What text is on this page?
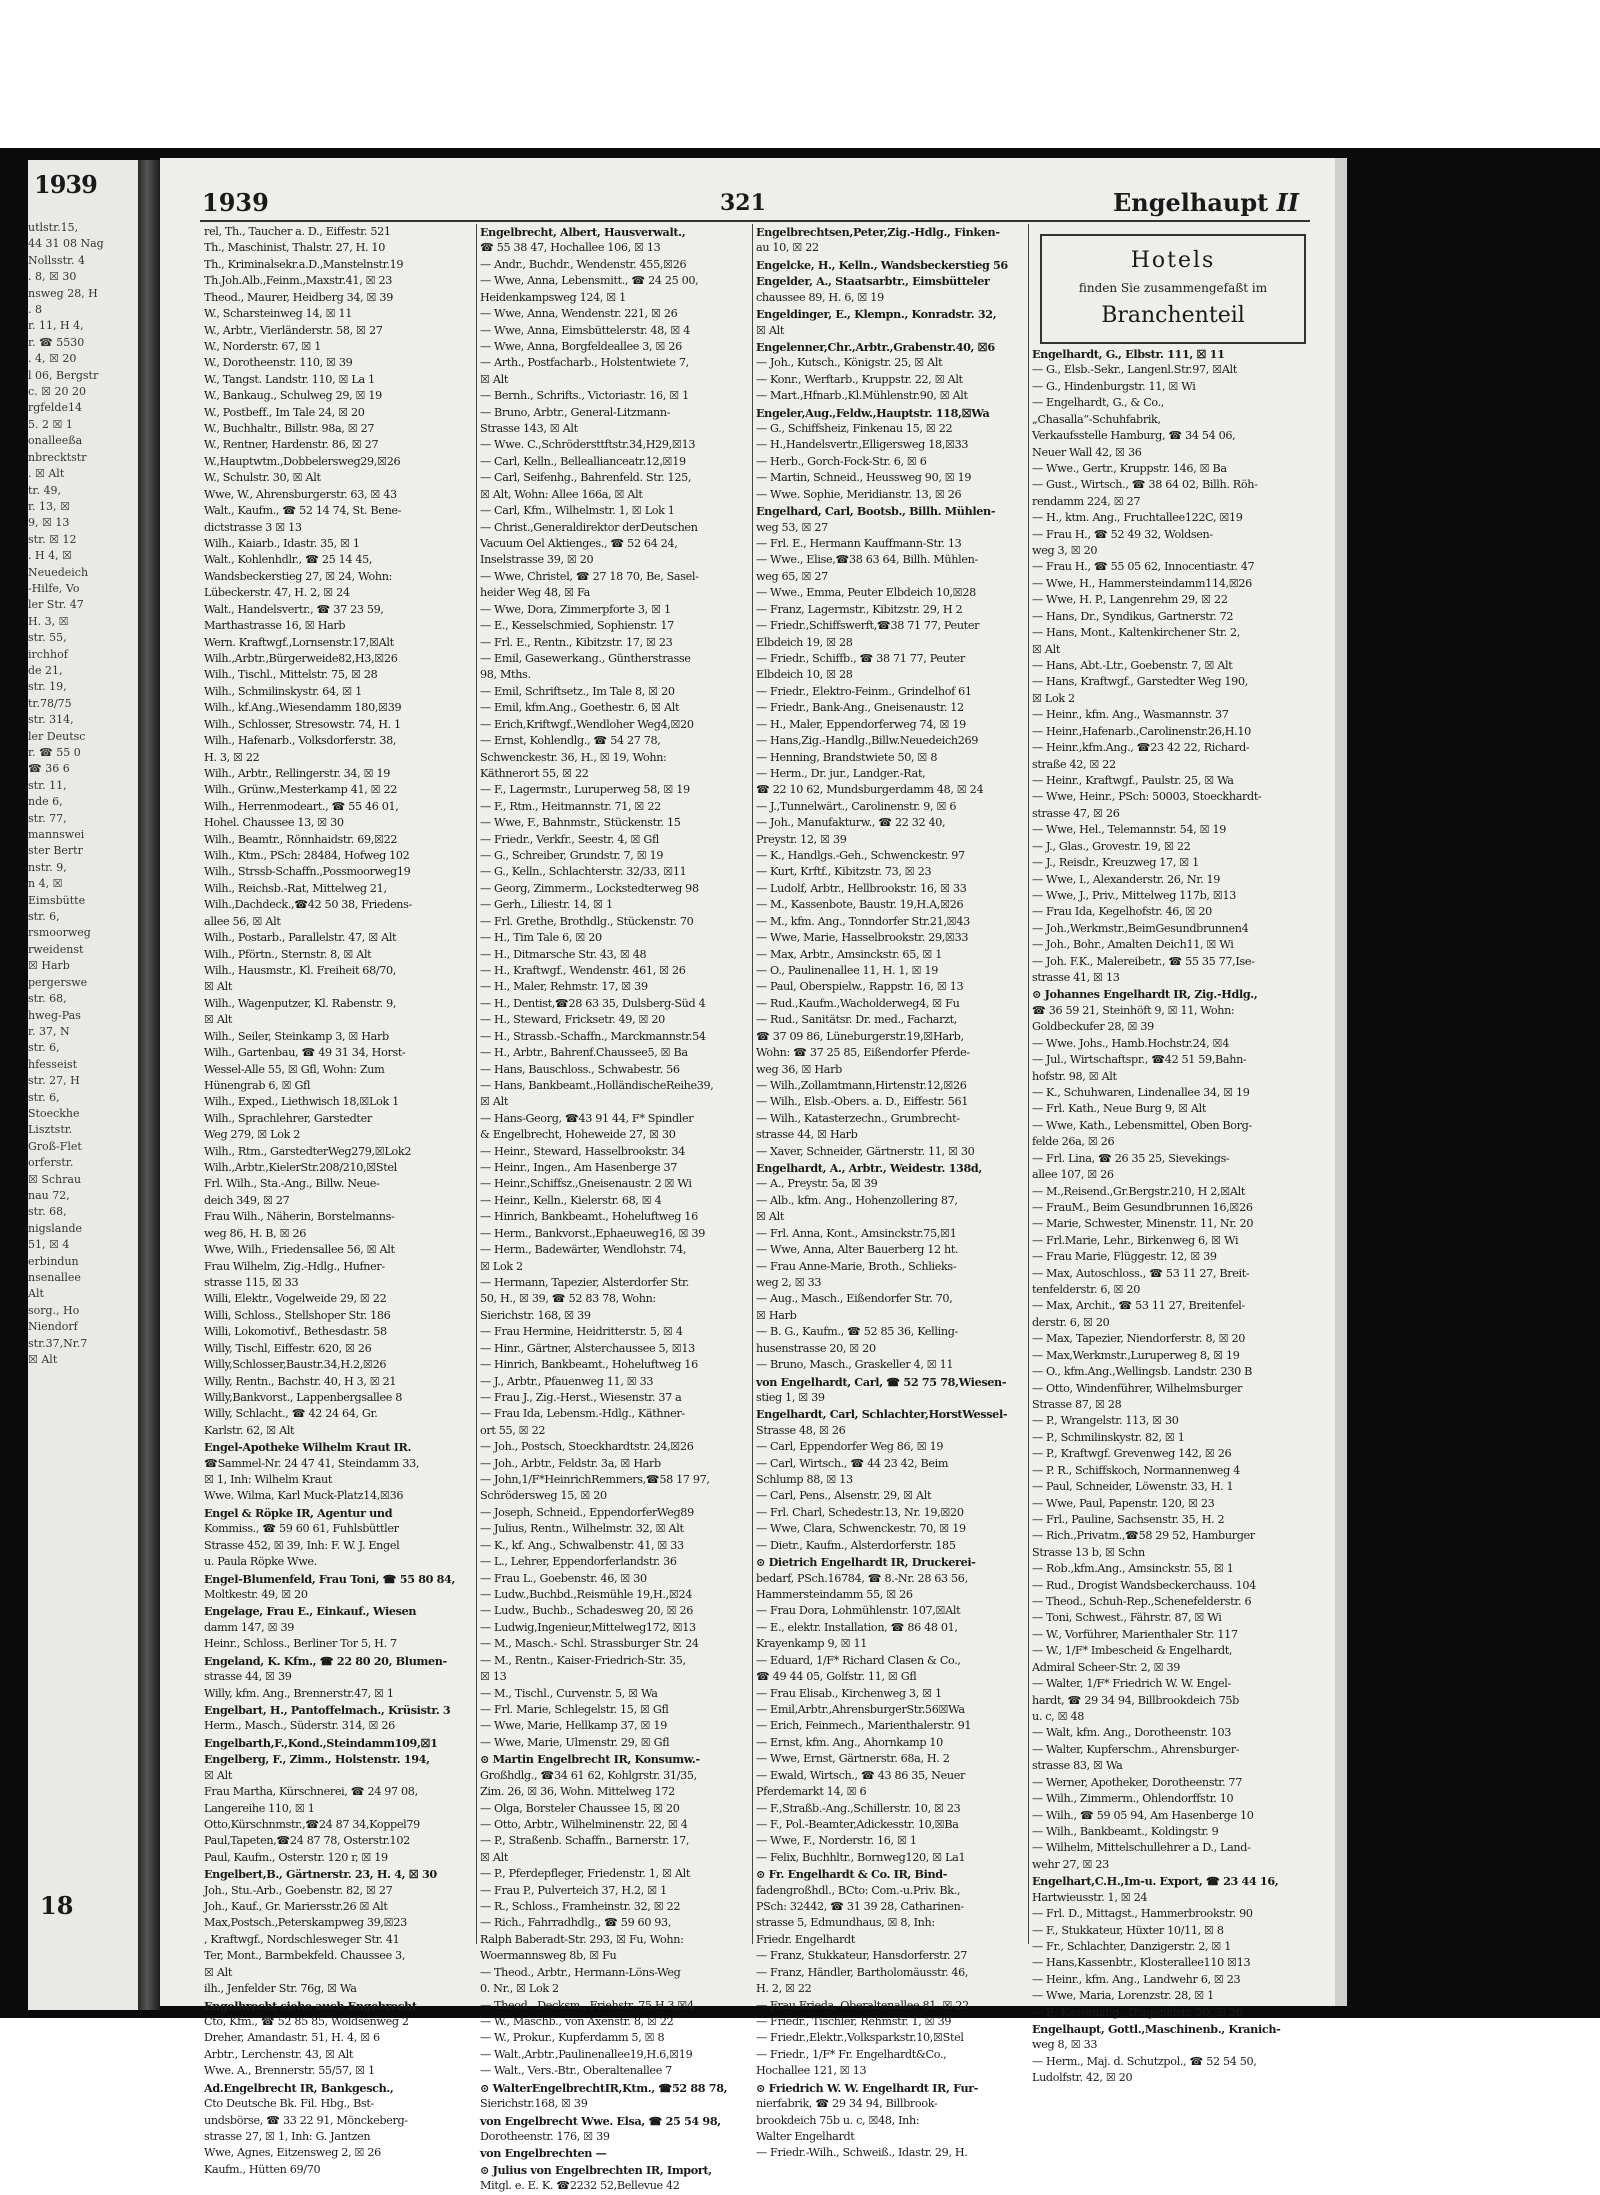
1939
utlstr.15,
44 31 08 Nag
Nollsstr. 4
. 8, ☒ 30
nsweg 28, H
. 8
r. 11, H 4,
r. ☎ 5530
. 4, ☒ 20
l 06, Bergstr
c. ☒ 20 20
rgfelde14
5. 2 ☒ 1
onalleeßa
nbrecktstr
. ☒ Alt
tr. 49,
r. 13, ☒
9, ☒ 13
str. ☒ 12
. H 4, ☒
Neuedeich
-Hilfe, Vo
ler Str. 47
H. 3, ☒
str. 55,
irchhof
de 21,
str. 19,
tr.78/75
str. 314,
ler Deutsc
r. ☎ 55 0
☎ 36 6
str. 11,
nde 6,
str. 77,
mannswei
ster Bertr
nstr. 9,
n 4, ☒
Eimsbütte
str. 6,
rsmoorweg
rweidenst
☒ Harb
pergerswe
str. 68,
hweg-Pas
r. 37, N
str. 6,
hfesseist
str. 27, H
str. 6,
Stoeckhe
Lisztstr.
Groß-Flet
orferstr.
☒ Schrau
nau 72,
str. 68,
nigslande
51, ☒ 4
erbindun
nsenallee
Alt
sorg., Ho
Niendorf
str.37,Nr.7
☒ Alt
18
1939	321	Engelhaupt II
rel, Th., Taucher a. D., Eiffestr. 521
Th., Maschinist, Thalstr. 27, H. 10
Th., Kriminalsekr.a.D.,Manstelnstr.19
Th.Joh.Alb.,Feinm.,Maxstr.41, ☒ 23
Theod., Maurer, Heidberg 34, ☒ 39
W., Scharsteinweg 14, ☒ 11
W., Arbtr., Vierländerstr. 58, ☒ 27
W., Norderstr. 67, ☒ 1
W., Dorotheenstr. 110, ☒ 39
W., Tangst. Landstr. 110, ☒ La 1
W., Bankaug., Schulweg 29, ☒ 19
W., Postbeff., Im Tale 24, ☒ 20
W., Buchhaltr., Billstr. 98a, ☒ 27
W., Rentner, Hardenstr. 86, ☒ 27
W.,Hauptwtm.,Dobbelersweg29,☒26
W., Schulstr. 30, ☒ Alt
Wwe, W., Ahrensburgerstr. 63, ☒ 43
Walt., Kaufm., ☎ 52 14 74, St. Bene-
dictstrasse 3 ☒ 13
Wilh., Kaiarb., Idastr. 35, ☒ 1
Walt., Kohlenhdlr., ☎ 25 14 45,
Wandsbeckerstieg 27, ☒ 24, Wohn:
Lübeckerstr. 47, H. 2, ☒ 24
Walt., Handelsvertr., ☎ 37 23 59,
Marthastrasse 16, ☒ Harb
Wern. Kraftwgf.,Lornsenstr.17,☒Alt
Wilh.,Arbtr.,Bürgerweide82,H3,☒26
Wilh., Tischl., Mittelstr. 75, ☒ 28
Wilh., Schmilinskystr. 64, ☒ 1
Wilh., kf.Ang.,Wiesendamm 180,☒39
Wilh., Schlosser, Stresowstr. 74, H. 1
Wilh., Hafenarb., Volksdorferstr. 38,
H. 3, ☒ 22
Wilh., Arbtr., Rellingerstr. 34, ☒ 19
Wilh., Grünw.,Mesterkamp 41, ☒ 22
Wilh., Herrenmodeart., ☎ 55 46 01,
Hohel. Chaussee 13, ☒ 30
Wilh., Beamtr., Rönnhaidstr. 69,☒22
Wilh., Ktm., PSch: 28484, Hofweg 102
Wilh., Strssb-Schaffn.,Possmoorweg19
Wilh., Reichsb.-Rat, Mittelweg 21,
Wilh.,Dachdeck.,☎42 50 38, Friedens-
allee 56, ☒ Alt
Wilh., Postarb., Parallelstr. 47, ☒ Alt
Wilh., Pförtn., Sternstr. 8, ☒ Alt
Wilh., Hausmstr., Kl. Freiheit 68/70,
☒ Alt
Wilh., Wagenputzer, Kl. Rabenstr. 9,
☒ Alt
Wilh., Seiler, Steinkamp 3, ☒ Harb
Wilh., Gartenbau, ☎ 49 31 34, Horst-
Wessel-Alle 55, ☒ Gfl, Wohn: Zum
Hünengrab 6, ☒ Gfl
Wilh., Exped., Liethwisch 18,☒Lok 1
Wilh., Sprachlehrer, Garstedter
Weg 279, ☒ Lok 2
Wilh., Rtm., GarstedterWeg279,☒Lok2
Wilh.,Arbtr.,KielerStr.208/210,☒Stel
Frl. Wilh., Sta.-Ang., Billw. Neue-
deich 349, ☒ 27
Frau Wilh., Näherin, Borstelmanns-
weg 86, H. B, ☒ 26
Wwe, Wilh., Friedensallee 56, ☒ Alt
Frau Wilhelm, Zig.-Hdlg., Hufner-
strasse 115, ☒ 33
Willi, Elektr., Vogelweide 29, ☒ 22
Willi, Schloss., Stellshoper Str. 186
Willi, Lokomotivf., Bethesdastr. 58
Willy, Tischl, Eiffestr. 620, ☒ 26
Willy,Schlosser,Baustr.34,H.2,☒26
Willy, Rentn., Bachstr. 40, H 3, ☒ 21
Willy,Bankvorst., Lappenbergsallee 8
Willy, Schlacht., ☎ 42 24 64, Gr.
Karlstr. 62, ☒ Alt
Engel-Apotheke Wilhelm Kraut IR.
☎Sammel-Nr. 24 47 41, Steindamm 33,
☒ 1, Inh: Wilhelm Kraut
Wwe. Wilma, Karl Muck-Platz14,☒36
Engel & Röpke IR, Agentur und
Kommiss., ☎ 59 60 61, Fuhlsbüttler
Strasse 452, ☒ 39, Inh: F. W. J. Engel
u. Paula Röpke Wwe.
Engel-Blumenfeld, Frau Toni, ☎ 55 80 84,
Moltkestr. 49, ☒ 20
Engelage, Frau E., Einkauf., Wiesen
damm 147, ☒ 39
Heinr., Schloss., Berliner Tor 5, H. 7
Engeland, K. Kfm., ☎ 22 80 20, Blumen-
strasse 44, ☒ 39
Willy, kfm. Ang., Brennerstr.47, ☒ 1
Engelbart, H., Pantoffelmach., Krüsistr. 3
Herm., Masch., Süderstr. 314, ☒ 26
Engelbarth,F.,Kond.,Steindamm109,☒1
Engelberg, F., Zimm., Holstenstr. 194,
☒ Alt
Frau Martha, Kürschnerei, ☎ 24 97 08,
Langereihe 110, ☒ 1
Otto,Kürschnmstr.,☎24 87 34,Koppel79
Paul,Tapeten,☎24 87 78, Osterstr.102
Paul, Kaufm., Osterstr. 120 r, ☒ 19
Engelbert,B., Gärtnerstr. 23, H. 4, ☒ 30
Joh., Stu.-Arb., Goebenstr. 82, ☒ 27
Joh., Kauf., Gr. Mariersstr.26 ☒ Alt
Max,Postsch.,Peterskampweg 39,☒23
, Kraftwgf., Nordschlesweger Str. 41
Ter, Mont., Barmbekfeld. Chaussee 3,
☒ Alt
ilh., Jenfelder Str. 76g, ☒ Wa
Engelbrecht siehe auch Engebrecht
Cto, Kfm., ☎ 52 85 85, Woldsenweg 2
Dreher, Amandastr. 51, H. 4, ☒ 6
Arbtr., Lerchenstr. 43, ☒ Alt
Wwe. A., Brennerstr. 55/57, ☒ 1
Ad.Engelbrecht IR, Bankgesch.,
Cto Deutsche Bk. Fil. Hbg., Bst-
undsbörse, ☎ 33 22 91, Mönckeberg-
strasse 27, ☒ 1, Inh: G. Jantzen
Wwe, Agnes, Eitzensweg 2, ☒ 26
Kaufm., Hütten 69/70
Engelbrecht, Albert, Hausverwalt.,
☎ 55 38 47, Hochallee 106, ☒ 13
— Andr., Buchdr., Wendenstr. 455,☒26
— Wwe, Anna, Lebensmitt., ☎ 24 25 00,
Heidenkampsweg 124, ☒ 1
— Wwe, Anna, Wendenstr. 221, ☒ 26
— Wwe, Anna, Eimsbüttelerstr. 48, ☒ 4
— Wwe, Anna, Borgfeldeallee 3, ☒ 26
— Arth., Postfacharb., Holstentwiete 7,
☒ Alt
— Bernh., Schrifts., Victoriastr. 16, ☒ 1
— Bruno, Arbtr., General-Litzmann-
Strasse 143, ☒ Alt
— Wwe. C.,Schrödersttftstr.34,H29,☒13
— Carl, Kelln., Belleallianceatr.12,☒19
— Carl, Seifenhg., Bahrenfeld. Str. 125,
☒ Alt, Wohn: Allee 166a, ☒ Alt
— Carl, Kfm., Wilhelmstr. 1, ☒ Lok 1
— Christ.,Generaldirektor derDeutschen
Vacuum Oel Aktienges., ☎ 52 64 24,
Inselstrasse 39, ☒ 20
— Wwe, Christel, ☎ 27 18 70, Be, Sasel-
heider Weg 48, ☒ Fa
— Wwe, Dora, Zimmerpforte 3, ☒ 1
— E., Kesselschmied, Sophienstr. 17
— Frl. E., Rentn., Kibitzstr. 17, ☒ 23
— Emil, Gasewerkang., Güntherstrasse
98, Mths.
— Emil, Schriftsetz., Im Tale 8, ☒ 20
— Emil, kfm.Ang., Goethestr. 6, ☒ Alt
— Erich,Kriftwgf.,Wendloher Weg4,☒20
— Ernst, Kohlendlg., ☎ 54 27 78,
Schwenckestr. 36, H., ☒ 19, Wohn:
Käthnerort 55, ☒ 22
— F., Lagermstr., Luruperweg 58, ☒ 19
— F., Rtm., Heitmannstr. 71, ☒ 22
— Wwe, F., Bahnmstr., Stückenstr. 15
— Friedr., Verkfr., Seestr. 4, ☒ Gfl
— G., Schreiber, Grundstr. 7, ☒ 19
— G., Kelln., Schlachterstr. 32/33, ☒11
— Georg, Zimmerm., Lockstedterweg 98
— Gerh., Liliestr. 14, ☒ 1
— Frl. Grethe, Brothdlg., Stückenstr. 70
— H., Tim Tale 6, ☒ 20
— H., Ditmarsche Str. 43, ☒ 48
— H., Kraftwgf., Wendenstr. 461, ☒ 26
— H., Maler, Rehmstr. 17, ☒ 39
— H., Dentist,☎28 63 35, Dulsberg-Süd 4
— H., Steward, Fricksetr. 49, ☒ 20
— H., Strassb.-Schaffn., Marckmannstr.54
— H., Arbtr., Bahrenf.Chaussee5, ☒ Ba
— Hans, Bauschloss., Schwabestr. 56
— Hans, Bankbeamt.,HolländischeReihe39,
☒ Alt
— Hans-Georg, ☎43 91 44, F* Spindler
& Engelbrecht, Hoheweide 27, ☒ 30
— Heinr., Steward, Hasselbrookstr. 34
— Heinr., Ingen., Am Hasenberge 37
— Heinr.,Schiffsz.,Gneisenaustr. 2 ☒ Wi
— Heinr., Kelln., Kielerstr. 68, ☒ 4
— Hinrich, Bankbeamt., Hoheluftweg 16
— Herm., Bankvorst.,Ephaeuweg16, ☒ 39
— Herm., Badewärter, Wendlohstr. 74,
☒ Lok 2
— Hermann, Tapezier, Alsterdorfer Str.
50, H., ☒ 39, ☎ 52 83 78, Wohn:
Sierichstr. 168, ☒ 39
— Frau Hermine, Heidritterstr. 5, ☒ 4
— Hinr., Gärtner, Alsterchaussee 5, ☒13
— Hinrich, Bankbeamt., Hoheluftweg 16
— J., Arbtr., Pfauenweg 11, ☒ 33
— Frau J., Zig.-Herst., Wiesenstr. 37 a
— Frau Ida, Lebensm.-Hdlg., Käthner-
ort 55, ☒ 22
— Joh., Postsch, Stoeckhardtstr. 24,☒26
— Joh., Arbtr., Feldstr. 3a, ☒ Harb
— John,1/F*HeinrichRemmers,☎58 17 97,
Schrödersweg 15, ☒ 20
— Joseph, Schneid., EppendorferWeg89
— Julius, Rentn., Wilhelmstr. 32, ☒ Alt
— K., kf. Ang., Schwalbenstr. 41, ☒ 33
— L., Lehrer, Eppendorferlandstr. 36
— Frau L., Goebenstr. 46, ☒ 30
— Ludw.,Buchbd.,Reismühle 19,H.,☒24
— Ludw., Buchb., Schadesweg 20, ☒ 26
— Ludwig,Ingenieur,Mittelweg172, ☒13
— M., Masch.- Schl. Strassburger Str. 24
— M., Rentn., Kaiser-Friedrich-Str. 35,
☒ 13
— M., Tischl., Curvenstr. 5, ☒ Wa
— Frl. Marie, Schlegelstr. 15, ☒ Gfl
— Wwe, Marie, Hellkamp 37, ☒ 19
— Wwe, Marie, Ulmenstr. 29, ☒ Gfl
⊙ Martin Engelbrecht IR, Konsumw.-
Großhdlg., ☎34 61 62, Kohlgrstr. 31/35,
Zim. 26, ☒ 36, Wohn. Mittelweg 172
— Olga, Borsteler Chaussee 15, ☒ 20
— Otto, Arbtr., Wilhelminenstr. 22, ☒ 4
— P., Straßenb. Schaffn., Barnerstr. 17,
☒ Alt
— P., Pferdepfleger, Friedenstr. 1, ☒ Alt
— Frau P., Pulverteich 37, H.2, ☒ 1
— R., Schloss., Framheinstr. 32, ☒ 22
— Rich., Fahrradhdlg., ☎ 59 60 93,
Ralph Baberadt-Str. 293, ☒ Fu, Wohn:
Woermannsweg 8b, ☒ Fu
— Theod., Arbtr., Hermann-Löns-Weg
0. Nr., ☒ Lok 2
— Theod., Decksm., Friehstr. 75,H.3,☒4
— W., Maschb., von Axenstr. 8, ☒ 22
— W., Prokur., Kupferdamm 5, ☒ 8
— Walt.,Arbtr.,Paulinenallee19,H.6,☒19
— Walt., Vers.-Btr., Oberaltenallee 7
⊙ WalterEngelbrechtIR,Ktm., ☎52 88 78,
Sierichstr.168, ☒ 39
von Engelbrecht Wwe. Elsa, ☎ 25 54 98,
Dorotheenstr. 176, ☒ 39
von Engelbrechten —
⊙ Julius von Engelbrechten IR, Import,
Mitgl. e. E. K. ☎2232 52,Bellevue 42
Engelbrechtsen,Peter,Zig.-Hdlg., Finken-
au 10, ☒ 22
Engelcke, H., Kelln., Wandsbeckerstieg 56
Engelder, A., Staatsarbtr., Eimsbütteler
chaussee 89, H. 6, ☒ 19
Engeldinger, E., Klempn., Konradstr. 32,
☒ Alt
Engelenner,Chr.,Arbtr.,Grabenstr.40, ☒6
— Joh., Kutsch., Königstr. 25, ☒ Alt
— Konr., Werftarb., Kruppstr. 22, ☒ Alt
— Mart.,Hfnarb.,Kl.Mühlenstr.90, ☒ Alt
Engeler,Aug.,Feldw.,Hauptstr. 118,☒Wa
— G., Schiffsheiz, Finkenau 15, ☒ 22
— H.,Handelsvertr.,Elligersweg 18,☒33
— Herb., Gorch-Fock-Str. 6, ☒ 6
— Martin, Schneid., Heussweg 90, ☒ 19
— Wwe. Sophie, Meridianstr. 13, ☒ 26
Engelhard, Carl, Bootsb., Billh. Mühlen-
weg 53, ☒ 27
— Frl. E., Hermann Kauffmann-Str. 13
— Wwe., Elise,☎38 63 64, Billh. Mühlen-
weg 65, ☒ 27
— Wwe., Emma, Peuter Elbdeich 10,☒28
— Franz, Lagermstr., Kibitzstr. 29, H 2
— Friedr.,Schiffswerft,☎38 71 77, Peuter
Elbdeich 19, ☒ 28
— Friedr., Schiffb., ☎ 38 71 77, Peuter
Elbdeich 10, ☒ 28
— Friedr., Elektro-Feinm., Grindelhof 61
— Friedr., Bank-Ang., Gneisenaustr. 12
— H., Maler, Eppendorferweg 74, ☒ 19
— Hans,Zig.-Handlg.,Billw.Neuedeich269
— Henning, Brandstwiete 50, ☒ 8
— Herm., Dr. jur., Landger.-Rat,
☎ 22 10 62, Mundsburgerdamm 48, ☒ 24
— J.,Tunnelwärt., Carolinenstr. 9, ☒ 6
— Joh., Manufakturw., ☎ 22 32 40,
Preystr. 12, ☒ 39
— K., Handlgs.-Geh., Schwenckestr. 97
— Kurt, Krftf., Kibitzstr. 73, ☒ 23
— Ludolf, Arbtr., Hellbrookstr. 16, ☒ 33
— M., Kassenbote, Baustr. 19,H.A,☒26
— M., kfm. Ang., Tonndorfer Str.21,☒43
— Wwe, Marie, Hasselbrookstr. 29,☒33
— Max, Arbtr., Amsinckstr. 65, ☒ 1
— O., Paulinenallee 11, H. 1, ☒ 19
— Paul, Oberspielw., Rappstr. 16, ☒ 13
— Rud.,Kaufm.,Wacholderweg4, ☒ Fu
— Rud., Sanitätsr. Dr. med., Facharzt,
☎ 37 09 86, Lüneburgerstr.19,☒Harb,
Wohn: ☎ 37 25 85, Eißendorfer Pferde-
weg 36, ☒ Harb
— Wilh.,Zollamtmann,Hirtenstr.12,☒26
— Wilh., Elsb.-Obers. a. D., Eiffestr. 561
— Wilh., Katasterzechn., Grumbrecht-
strasse 44, ☒ Harb
— Xaver, Schneider, Gärtnerstr. 11, ☒ 30
Engelhardt, A., Arbtr., Weidestr. 138d,
— A., Preystr. 5a, ☒ 39
— Alb., kfm. Ang., Hohenzollering 87,
☒ Alt
— Frl. Anna, Kont., Amsinckstr.75,☒1
— Wwe, Anna, Alter Bauerberg 12 ht.
— Frau Anne-Marie, Broth., Schlieks-
weg 2, ☒ 33
— Aug., Masch., Eißendorfer Str. 70,
☒ Harb
— B. G., Kaufm., ☎ 52 85 36, Kelling-
husenstrasse 20, ☒ 20
— Bruno, Masch., Graskeller 4, ☒ 11
von Engelhardt, Carl, ☎ 52 75 78,Wiesen-
stieg 1, ☒ 39
Engelhardt, Carl, Schlachter,HorstWessel-
Strasse 48, ☒ 26
— Carl, Eppendorfer Weg 86, ☒ 19
— Carl, Wirtsch., ☎ 44 23 42, Beim
Schlump 88, ☒ 13
— Carl, Pens., Alsenstr. 29, ☒ Alt
— Frl. Charl, Schedestr.13, Nr. 19,☒20
— Wwe, Clara, Schwenckestr. 70, ☒ 19
— Dietr., Kaufm., Alsterdorferstr. 185
⊙ Dietrich Engelhardt IR, Druckerei-
bedarf, PSch.16784, ☎ 8.-Nr. 28 63 56,
Hammersteindamm 55, ☒ 26
— Frau Dora, Lohmühlenstr. 107,☒Alt
— E., elektr. Installation, ☎ 86 48 01,
Krayenkamp 9, ☒ 11
— Eduard, 1/F* Richard Clasen & Co.,
☎ 49 44 05, Golfstr. 11, ☒ Gfl
— Frau Elisab., Kirchenweg 3, ☒ 1
— Emil,Arbtr.,AhrensburgerStr.56☒Wa
— Erich, Feinmech., Marienthalerstr. 91
— Ernst, kfm. Ang., Ahornkamp 10
— Wwe, Ernst, Gärtnerstr. 68a, H. 2
— Ewald, Wirtsch., ☎ 43 86 35, Neuer
Pferdemarkt 14, ☒ 6
— F.,Straßb.-Ang.,Schillerstr. 10, ☒ 23
— F., Pol.-Beamter,Adickesstr. 10,☒Ba
— Wwe, F., Norderstr. 16, ☒ 1
— Felix, Buchhltr., Bornweg120, ☒ La1
⊙ Fr. Engelhardt & Co. IR, Bind-
fadengroßhdl., BCto: Com.-u.Priv. Bk.,
PSch: 32442, ☎ 31 39 28, Catharinen-
strasse 5, Edmundhaus, ☒ 8, Inh:
Friedr. Engelhardt
— Franz, Stukkateur, Hansdorferstr. 27
— Franz, Händler, Bartholomäusstr. 46,
H. 2, ☒ 22
— Frau Frieda, Oberaltenallee 81, ☒ 22
— Friedr., Tischler, Rehmstr. 1, ☒ 39
— Friedr.,Elektr.,Volksparkstr.10,☒Stel
— Friedr., 1/F* Fr. Engelhardt&Co.,
Hochallee 121, ☒ 13
⊙ Friedrich W. W. Engelhardt IR, Fur-
nierfabrik, ☎ 29 34 94, Billbrook-
brookdeich 75b u. c, ☒48, Inh:
Walter Engelhardt
— Friedr.-Wilh., Schweiß., Idastr. 29, H.
Hotels
finden Sie zusammengefaßt im
Branchenteil
Engelhardt, G., Elbstr. 111, ☒ 11
— G., Elsb.-Sekr., Langenl.Str.97, ☒Alt
— G., Hindenburgstr. 11, ☒ Wi
— Engelhardt, G., & Co.,
„Chasalla“-Schuhfabrik,
Verkaufsstelle Hamburg, ☎ 34 54 06,
Neuer Wall 42, ☒ 36
— Wwe., Gertr., Kruppstr. 146, ☒ Ba
— Gust., Wirtsch., ☎ 38 64 02, Billh. Röh-
rendamm 224, ☒ 27
— H., ktm. Ang., Fruchtallee122C, ☒19
— Frau H., ☎ 52 49 32, Woldsen-
weg 3, ☒ 20
— Frau H., ☎ 55 05 62, Innocentiastr. 47
— Wwe, H., Hammersteindamm114,☒26
— Wwe, H. P., Langenrehm 29, ☒ 22
— Hans, Dr., Syndikus, Gartnerstr. 72
— Hans, Mont., Kaltenkirchener Str. 2,
☒ Alt
— Hans, Abt.-Ltr., Goebenstr. 7, ☒ Alt
— Hans, Kraftwgf., Garstedter Weg 190,
☒ Lok 2
— Heinr., kfm. Ang., Wasmannstr. 37
— Heinr.,Hafenarb.,Carolinenstr.26,H.10
— Heinr.,kfm.Ang., ☎23 42 22, Richard-
straße 42, ☒ 22
— Heinr., Kraftwgf., Paulstr. 25, ☒ Wa
— Wwe, Heinr., PSch: 50003, Stoeckhardt-
strasse 47, ☒ 26
— Wwe, Hel., Telemannstr. 54, ☒ 19
— J., Glas., Grovestr. 19, ☒ 22
— J., Reisdr., Kreuzweg 17, ☒ 1
— Wwe, I., Alexanderstr. 26, Nr. 19
— Wwe, J., Priv., Mittelweg 117b, ☒13
— Frau Ida, Kegelhofstr. 46, ☒ 20
— Joh.,Werkmstr.,BeimGesundbrunnen4
— Joh., Bohr., Amalten Deich11, ☒ Wi
— Joh. F.K., Malereibetr., ☎ 55 35 77,Ise-
strasse 41, ☒ 13
⊙ Johannes Engelhardt IR, Zig.-Hdlg.,
☎ 36 59 21, Steinhöft 9, ☒ 11, Wohn:
Goldbeckufer 28, ☒ 39
— Wwe. Johs., Hamb.Hochstr.24, ☒4
— Jul., Wirtschaftspr., ☎42 51 59,Bahn-
hofstr. 98, ☒ Alt
— K., Schuhwaren, Lindenallee 34, ☒ 19
— Frl. Kath., Neue Burg 9, ☒ Alt
— Wwe, Kath., Lebensmittel, Oben Borg-
felde 26a, ☒ 26
— Frl. Lina, ☎ 26 35 25, Sievekings-
allee 107, ☒ 26
— M.,Reisend.,Gr.Bergstr.210, H 2,☒Alt
— FrauM., Beim Gesundbrunnen 16,☒26
— Marie, Schwester, Minenstr. 11, Nr. 20
— Frl.Marie, Lehr., Birkenweg 6, ☒ Wi
— Frau Marie, Flüggestr. 12, ☒ 39
— Max, Autoschloss., ☎ 53 11 27, Breit-
tenfelderstr. 6, ☒ 20
— Max, Archit., ☎ 53 11 27, Breitenfel-
derstr. 6, ☒ 20
— Max, Tapezier, Niendorferstr. 8, ☒ 20
— Max,Werkmstr.,Luruperweg 8, ☒ 19
— O., kfm.Ang.,Wellingsb. Landstr. 230 B
— Otto, Windenführer, Wilhelmsburger
Strasse 87, ☒ 28
— P., Wrangelstr. 113, ☒ 30
— P., Schmilinskystr. 82, ☒ 1
— P., Kraftwgf. Grevenweg 142, ☒ 26
— P. R., Schiffskoch, Normannenweg 4
— Paul, Schneider, Löwenstr. 33, H. 1
— Wwe, Paul, Papenstr. 120, ☒ 23
— Frl., Pauline, Sachsenstr. 35, H. 2
— Rich.,Privatm.,☎58 29 52, Hamburger
Strasse 13 b, ☒ Schn
— Rob.,kfm.Ang., Amsinckstr. 55, ☒ 1
— Rud., Drogist Wandsbeckerchauss. 104
— Theod., Schuh-Rep.,Schenefelderstr. 6
— Toni, Schwest., Fährstr. 87, ☒ Wi
— W., Vorführer, Marienthaler Str. 117
— W., 1/F* Imbescheid & Engelhardt,
Admiral Scheer-Str. 2, ☒ 39
— Walter, 1/F* Friedrich W. W. Engel-
hardt, ☎ 29 34 94, Billbrookdeich 75b
u. c, ☒ 48
— Walt, kfm. Ang., Dorotheenstr. 103
— Walter, Kupferschm., Ahrensburger-
strasse 83, ☒ Wa
— Werner, Apotheker, Dorotheenstr. 77
— Wilh., Zimmerm., Ohlendorffstr. 10
— Wilh., ☎ 59 05 94, Am Hasenberge 10
— Wilh., Bankbeamt., Koldingstr. 9
— Wilhelm, Mittelschullehrer a D., Land-
wehr 27, ☒ 23
Engelhart,C.H.,Im-u. Export, ☎ 23 44 16,
Hartwieusstr. 1, ☒ 24
— Frl. D., Mittagst., Hammerbrookstr. 90
— F., Stukkateur, Hüxter 10/11, ☒ 8
— Fr., Schlachter, Danzigerstr. 2, ☒ 1
— Hans,Kassenbtr., Klosterallee110 ☒13
— Heinr., kfm. Ang., Landwehr 6, ☒ 23
— Wwe, Maria, Lorenzstr. 28, ☒ 1
— P., Kassenang., Diagonalstr. 50, ☒ 26
Engelhaupt, Gottl.,Maschinenb., Kranich-
weg 8, ☒ 33
— Herm., Maj. d. Schutzpol., ☎ 52 54 50,
Ludolfstr. 42, ☒ 20
